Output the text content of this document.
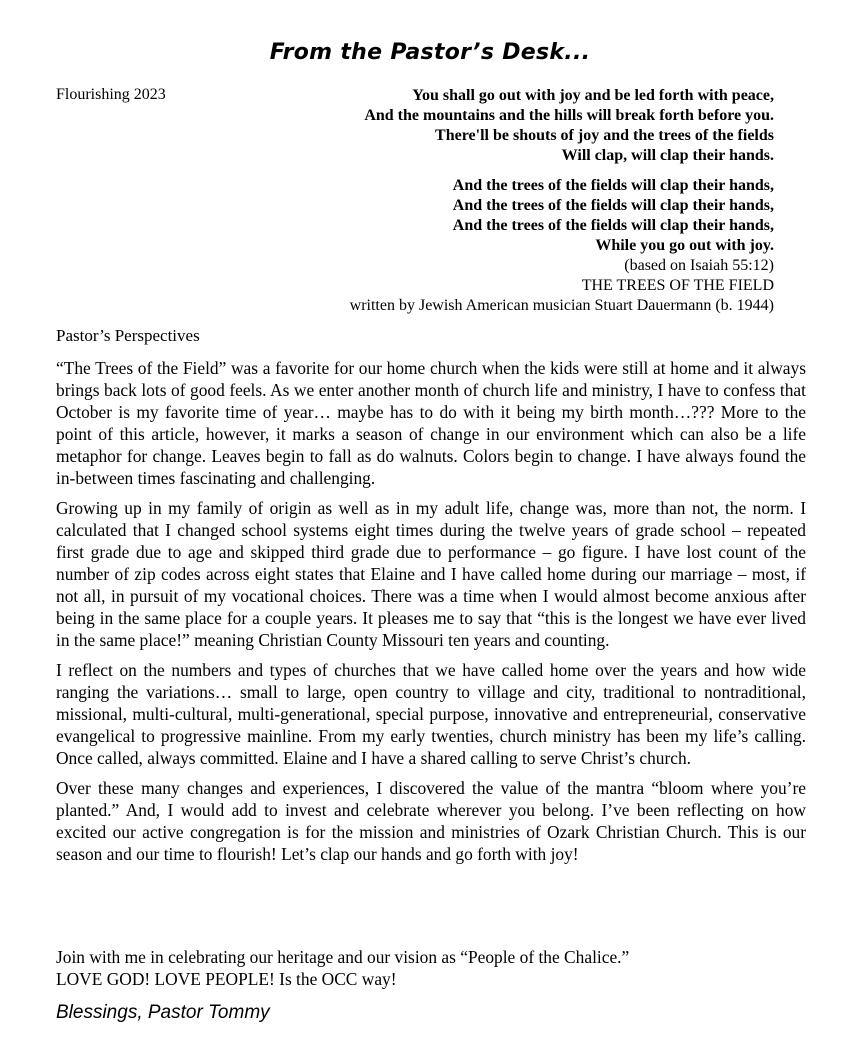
From the Pastor’s Desk...
Flourishing 2023	You shall go out with joy and be led forth with peace,
And the mountains and the hills will break forth before you.
There'll be shouts of joy and the trees of the fields
Will clap, will clap their hands.
And the trees of the fields will clap their hands,
And the trees of the fields will clap their hands,
And the trees of the fields will clap their hands,
While you go out with joy.
(based on Isaiah 55:12)
THE TREES OF THE FIELD
written by Jewish American musician Stuart Dauermann (b. 1944)
Pastor’s Perspectives

“The Trees of the Field” was a favorite for our home church when the kids were still at home and it always brings back lots of good feels. As we enter another month of church life and ministry, I have to confess that October is my favorite time of year… maybe has to do with it being my birth month…??? More to the point of this article, however, it marks a season of change in our environment which can also be a life metaphor for change. Leaves begin to fall as do walnuts. Colors begin to change. I have always found the in-between times fascinating and challenging.

Growing up in my family of origin as well as in my adult life, change was, more than not, the norm. I calculated that I changed school systems eight times during the twelve years of grade school – repeated first grade due to age and skipped third grade due to performance – go figure. I have lost count of the number of zip codes across eight states that Elaine and I have called home during our marriage – most, if not all, in pursuit of my vocational choices. There was a time when I would almost become anxious after being in the same place for a couple years. It pleases me to say that “this is the longest we have ever lived in the same place!” meaning Christian County Missouri ten years and counting.

I reflect on the numbers and types of churches that we have called home over the years and how wide ranging the variations… small to large, open country to village and city, traditional to nontraditional, missional, multi-cultural, multi-generational, special purpose, innovative and entrepreneurial, conservative evangelical to progressive mainline. From my early twenties, church ministry has been my life’s calling. Once called, always committed. Elaine and I have a shared calling to serve Christ’s church.

Over these many changes and experiences, I discovered the value of the mantra “bloom where you’re planted.” And, I would add to invest and celebrate wherever you belong. I’ve been reflecting on how excited our active congregation is for the mission and ministries of Ozark Christian Church. This is our season and our time to flourish! Let’s clap our hands and go forth with joy!

Join with me in celebrating our heritage and our vision as “People of the Chalice.”
LOVE GOD! LOVE PEOPLE! Is the OCC way!
Blessings, Pastor Tommy
